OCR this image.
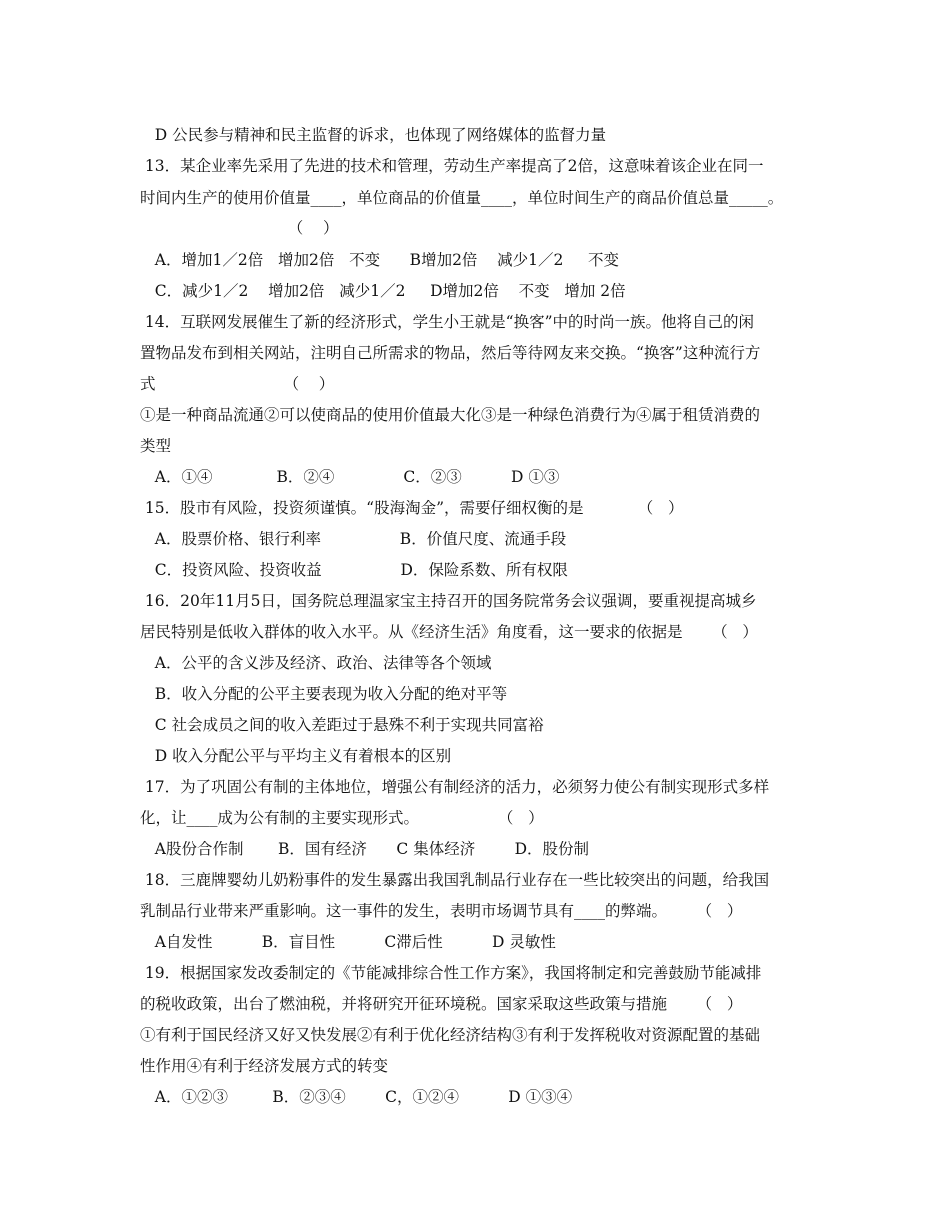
D 公民参与精神和民主监督的诉求，也体现了网络媒体的监督力量
13．某企业率先采用了先进的技术和管理，劳动生产率提高了2倍，这意味着该企业在同一
时间内生产的使用价值量____，单位商品的价值量____，单位时间生产的商品价值总量_____。
（    ）
A．增加1／2倍   增加2倍   不变      B增加2倍    减少1／2     不变
C．减少1／2    增加2倍   减少1／2     D增加2倍    不变   增加 2倍
14．互联网发展催生了新的经济形式，学生小王就是“换客”中的时尚一族。他将自己的闲
置物品发布到相关网站，注明自己所需求的物品，然后等待网友来交换。“换客”这种流行方
式                          （    ）
①是一种商品流通②可以使商品的使用价值最大化③是一种绿色消费行为④属于租赁消费的
类型
A．①④             B．②④              C．②③          D ①③
15．股市有风险，投资须谨慎。“股海淘金”，需要仔细权衡的是           （   ）
A．股票价格、银行利率                B．价值尺度、流通手段
C．投资风险、投资收益                D．保险系数、所有权限
16．20年11月5日，国务院总理温家宝主持召开的国务院常务会议强调，要重视提高城乡
居民特别是低收入群体的收入水平。从《经济生活》角度看，这一要求的依据是      （   ）
A．公平的含义涉及经济、政治、法律等各个领域
B．收入分配的公平主要表现为收入分配的绝对平等
C 社会成员之间的收入差距过于悬殊不利于实现共同富裕
D 收入分配公平与平均主义有着根本的区别
17．为了巩固公有制的主体地位，增强公有制经济的活力，必须努力使公有制实现形式多样
化，让____成为公有制的主要实现形式。                （   ）
A股份合作制       B．国有经济      C 集体经济        D．股份制
18．三鹿牌婴幼儿奶粉事件的发生暴露出我国乳制品行业存在一些比较突出的问题，给我国
乳制品行业带来严重影响。这一事件的发生，表明市场调节具有____的弊端。      （   ）
A自发性          B．盲目性          C滞后性          D 灵敏性
19．根据国家发改委制定的《节能减排综合性工作方案》，我国将制定和完善鼓励节能减排
的税收政策，出台了燃油税，并将研究开征环境税。国家采取这些政策与措施      （   ）
①有利于国民经济又好又快发展②有利于优化经济结构③有利于发挥税收对资源配置的基础
性作用④有利于经济发展方式的转变
A．①②③         B．②③④        C，①②④          D ①③④
